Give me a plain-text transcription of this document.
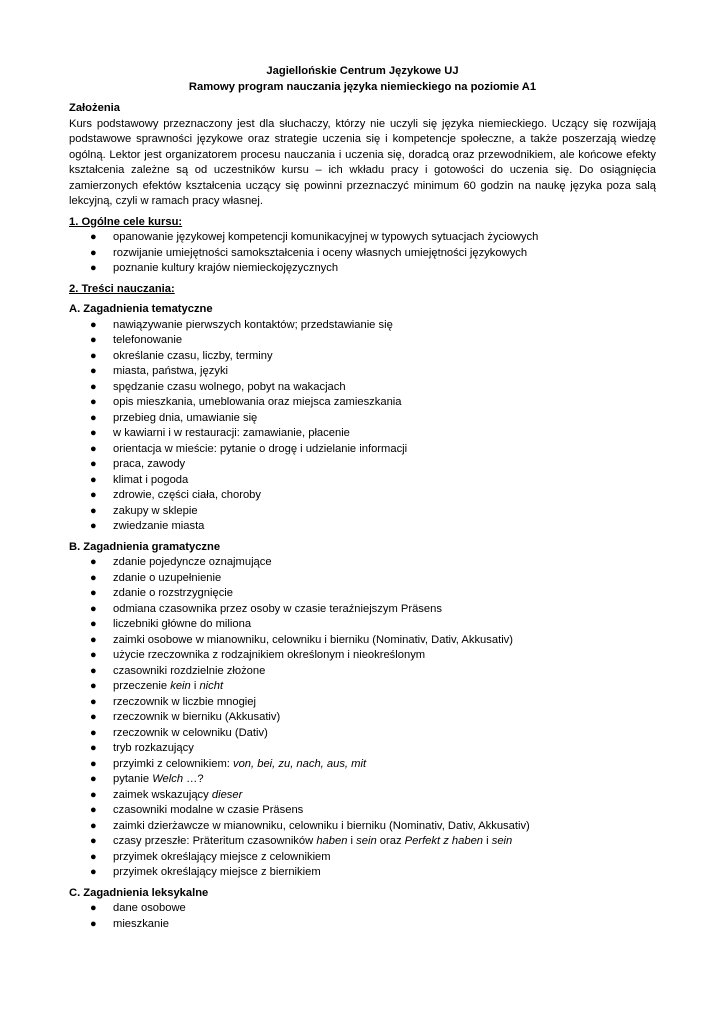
Jagiellońskie Centrum Językowe UJ

Ramowy program nauczania języka niemieckiego na poziomie A1

Założenia

Kurs podstawowy przeznaczony jest dla słuchaczy, którzy nie uczyli się języka niemieckiego. Uczący się rozwijają podstawowe sprawności językowe oraz strategie uczenia się i kompetencje społeczne, a także poszerzają wiedzę ogólną. Lektor jest organizatorem procesu nauczania i uczenia się, doradcą oraz przewodnikiem, ale końcowe efekty kształcenia zależne są od uczestników kursu – ich wkładu pracy i gotowości do uczenia się. Do osiągnięcia zamierzonych efektów kształcenia uczący się powinni przeznaczyć minimum 60 godzin na naukę języka poza salą lekcyjną, czyli w ramach pracy własnej.

1. Ogólne cele kursu:

● opanowanie językowej kompetencji komunikacyjnej w typowych sytuacjach życiowych
● rozwijanie umiejętności samokształcenia i oceny własnych umiejętności językowych
● poznanie kultury krajów niemieckojęzycznych

2. Treści nauczania:

A. Zagadnienia tematyczne

● nawiązywanie pierwszych kontaktów; przedstawianie się
● telefonowanie
● określanie czasu, liczby, terminy
● miasta, państwa, języki
● spędzanie czasu wolnego, pobyt na wakacjach
● opis mieszkania, umeblowania oraz miejsca zamieszkania
● przebieg dnia, umawianie się
● w kawiarni i w restauracji: zamawianie, płacenie
● orientacja w mieście: pytanie o drogę i udzielanie informacji
● praca, zawody
● klimat i pogoda
● zdrowie, części ciała, choroby
● zakupy w sklepie
● zwiedzanie miasta

B. Zagadnienia gramatyczne

● zdanie pojedyncze oznajmujące
● zdanie o uzupełnienie
● zdanie o rozstrzygnięcie
● odmiana czasownika przez osoby w czasie teraźniejszym Präsens
● liczebniki główne do miliona
● zaimki osobowe w mianowniku, celowniku i bierniku (Nominativ, Dativ, Akkusativ)
● użycie rzeczownika z rodzajnikiem określonym i nieokreślonym
● czasowniki rozdzielnie złożone
● przeczenie kein i nicht
● rzeczownik w liczbie mnogiej
● rzeczownik w bierniku (Akkusativ)
● rzeczownik w celowniku (Dativ)
● tryb rozkazujący
● przyimki z celownikiem: von, bei, zu, nach, aus, mit
● pytanie Welch …?
● zaimek wskazujący dieser
● czasowniki modalne w czasie Präsens
● zaimki dzierżawcze w mianowniku, celowniku i bierniku (Nominativ, Dativ, Akkusativ)
● czasy przeszłe: Präteritum czasowników haben i sein oraz Perfekt z haben i sein
● przyimek określający miejsce z celownikiem
● przyimek określający miejsce z biernikiem

C. Zagadnienia leksykalne

● dane osobowe
● mieszkanie
